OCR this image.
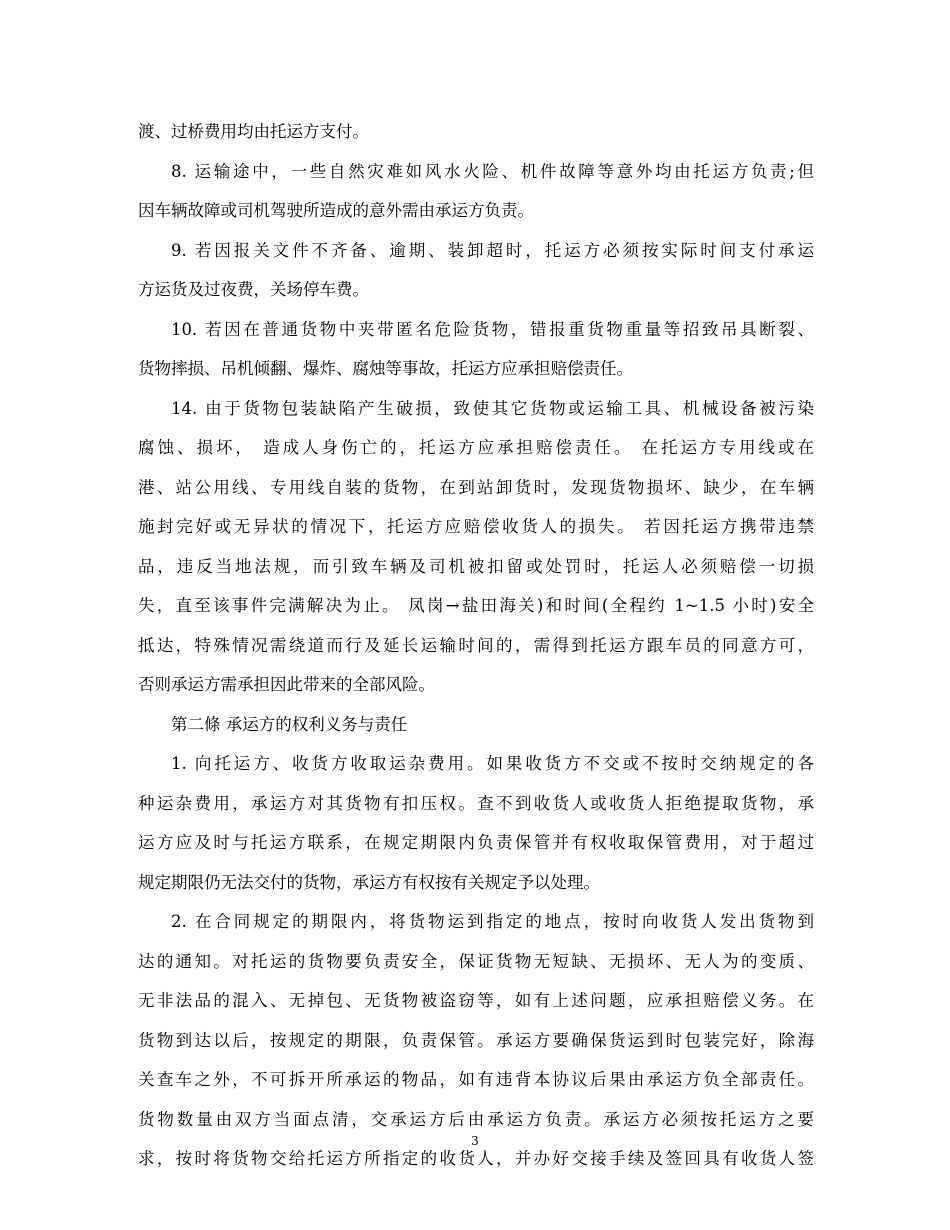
渡、过桥费用均由托运方支付。
8. 运输途中，一些自然灾难如风水火险、机件故障等意外均由托运方负责;但
因车辆故障或司机驾驶所造成的意外需由承运方负责。
9. 若因报关文件不齐备、逾期、装卸超时，托运方必须按实际时间支付承运
方运货及过夜费，关场停车费。
10. 若因在普通货物中夹带匿名危险货物，错报重货物重量等招致吊具断裂、
货物摔损、吊机倾翻、爆炸、腐烛等事故，托运方应承担赔偿责任。
14. 由于货物包装缺陷产生破损，致使其它货物或运输工具、机械设备被污染
腐蚀、损坏， 造成人身伤亡的，托运方应承担赔偿责任。 在托运方专用线或在
港、站公用线、专用线自装的货物，在到站卸货时，发现货物损坏、缺少，在车辆
施封完好或无异状的情况下，托运方应赔偿收货人的损失。 若因托运方携带违禁
品，违反当地法规，而引致车辆及司机被扣留或处罚时，托运人必须赔偿一切损
失，直至该事件完满解决为止。 凤岗→盐田海关)和时间(全程约 1~1.5 小时)安全
抵达，特殊情况需绕道而行及延长运输时间的，需得到托运方跟车员的同意方可，
否则承运方需承担因此带来的全部风险。
第二條 承运方的权利义务与责任
1. 向托运方、收货方收取运杂费用。如果收货方不交或不按时交纳规定的各
种运杂费用，承运方对其货物有扣压权。查不到收货人或收货人拒绝提取货物，承
运方应及时与托运方联系，在规定期限内负责保管并有权收取保管费用，对于超过
规定期限仍无法交付的货物，承运方有权按有关规定予以处理。
2. 在合同规定的期限内，将货物运到指定的地点，按时向收货人发出货物到
达的通知。对托运的货物要负责安全，保证货物无短缺、无损坏、无人为的变质、
无非法品的混入、无掉包、无货物被盗窃等，如有上述问题，应承担赔偿义务。在
货物到达以后，按规定的期限，负责保管。承运方要确保货运到时包装完好，除海
关查车之外，不可拆开所承运的物品，如有违背本协议后果由承运方负全部责任。
货物数量由双方当面点清，交承运方后由承运方负责。承运方必须按托运方之要
求，按时将货物交给托运方所指定的收货人，并办好交接手续及签回具有收货人签
3
